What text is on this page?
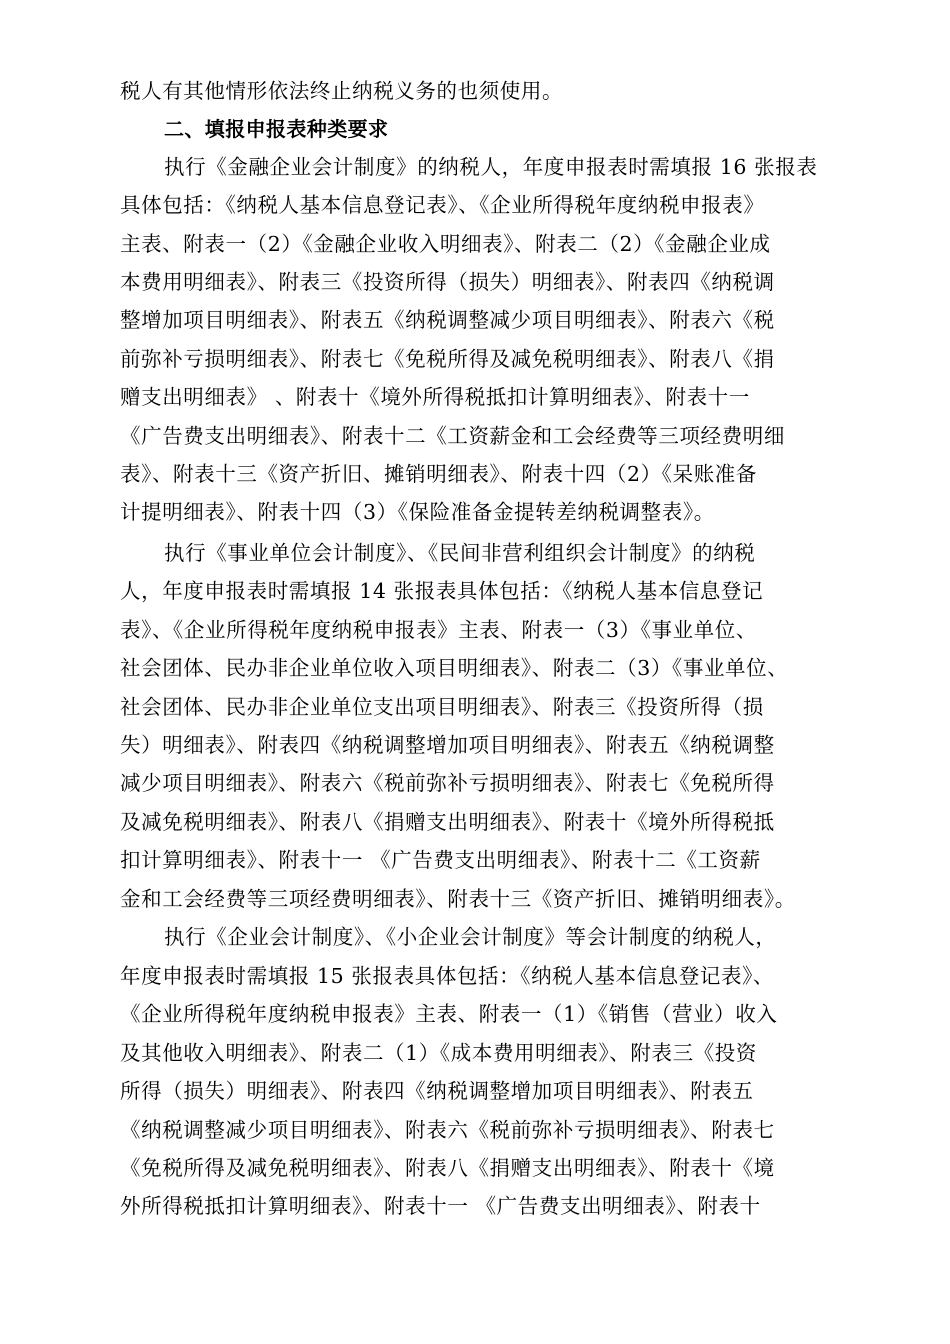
税人有其他情形依法终止纳税义务的也须使用。
二、填报申报表种类要求
执行《金融企业会计制度》的纳税人，年度申报表时需填报 16 张报表
具体包括：《纳税人基本信息登记表》、《企业所得税年度纳税申报表》
主表、附表一（2）《金融企业收入明细表》、附表二（2）《金融企业成
本费用明细表》、附表三《投资所得（损失）明细表》、附表四《纳税调
整增加项目明细表》、附表五《纳税调整减少项目明细表》、附表六《税
前弥补亏损明细表》、附表七《免税所得及减免税明细表》、附表八《捐
赠支出明细表》 、附表十《境外所得税抵扣计算明细表》、附表十一
《广告费支出明细表》、附表十二《工资薪金和工会经费等三项经费明细
表》、附表十三《资产折旧、摊销明细表》、附表十四（2）《呆账准备
计提明细表》、附表十四（3）《保险准备金提转差纳税调整表》。
执行《事业单位会计制度》、《民间非营利组织会计制度》的纳税
人，年度申报表时需填报 14 张报表具体包括：《纳税人基本信息登记
表》、《企业所得税年度纳税申报表》主表、附表一（3）《事业单位、
社会团体、民办非企业单位收入项目明细表》、附表二（3）《事业单位、
社会团体、民办非企业单位支出项目明细表》、附表三《投资所得（损
失）明细表》、附表四《纳税调整增加项目明细表》、附表五《纳税调整
减少项目明细表》、附表六《税前弥补亏损明细表》、附表七《免税所得
及减免税明细表》、附表八《捐赠支出明细表》、附表十《境外所得税抵
扣计算明细表》、附表十一 《广告费支出明细表》、附表十二《工资薪
金和工会经费等三项经费明细表》、附表十三《资产折旧、摊销明细表》。
执行《企业会计制度》、《小企业会计制度》等会计制度的纳税人，
年度申报表时需填报 15 张报表具体包括：《纳税人基本信息登记表》、
《企业所得税年度纳税申报表》主表、附表一（1）《销售（营业）收入
及其他收入明细表》、附表二（1）《成本费用明细表》、附表三《投资
所得（损失）明细表》、附表四《纳税调整增加项目明细表》、附表五
《纳税调整减少项目明细表》、附表六《税前弥补亏损明细表》、附表七
《免税所得及减免税明细表》、附表八《捐赠支出明细表》、附表十《境
外所得税抵扣计算明细表》、附表十一 《广告费支出明细表》、附表十
